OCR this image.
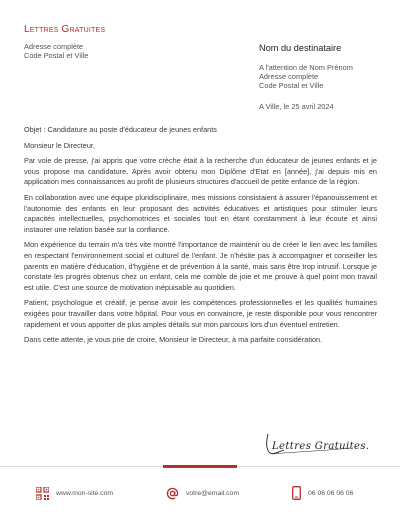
Lettres Gratuites
Adresse complète
Code Postal et Ville
Nom du destinataire
A l'attention de Nom Prénom
Adresse complète
Code Postal et Ville
A Ville, le 25 avril 2024

Objet : Candidature au poste d'éducateur de jeunes enfants

Monsieur le Directeur,

Par voie de presse, j'ai appris que votre crèche était à la recherche d'un éducateur de jeunes enfants et je vous propose ma candidature. Après avoir obtenu mon Diplôme d'Etat en [année], j'ai depuis mis en application mes connaissances au profit de plusieurs structures d'accueil de petite enfance de la région.

En collaboration avec une équipe pluridisciplinaire, mes missions consistaient à assurer l'épanouissement et l'autonomie des enfants en leur proposant des activités éducatives et artistiques pour stimuler leurs capacités intellectuelles, psychomotrices et sociales tout en étant constamment à leur écoute et ainsi instaurer une relation basée sur la confiance.

Mon expérience du terrain m'a très vite montré l'importance de maintenir ou de créer le lien avec les familles en respectant l'environnement social et culturel de l'enfant. Je n'hésite pas à accompagner et conseiller les parents en matière d'éducation, d'hygiène et de prévention à la santé, mais sans être trop intrusif. Lorsque je constate les progrès obtenus chez un enfant, cela me comble de joie et me prouve à quel point mon travail est utile. C'est une source de motivation inépuisable au quotidien.

Patient, psychologue et créatif, je pense avoir les compétences professionnelles et les qualités humaines exigées pour travailler dans votre hôpital. Pour vous en convaincre, je reste disponible pour vous rencontrer rapidement et vous apporter de plus amples détails sur mon parcours lors d'un éventuel entretien.

Dans cette attente, je vous prie de croire, Monsieur le Directeur, à ma parfaite considération.

Lettres Gratuites.
www.mon-site.com	votre@email.com	06 06 06 06 06
